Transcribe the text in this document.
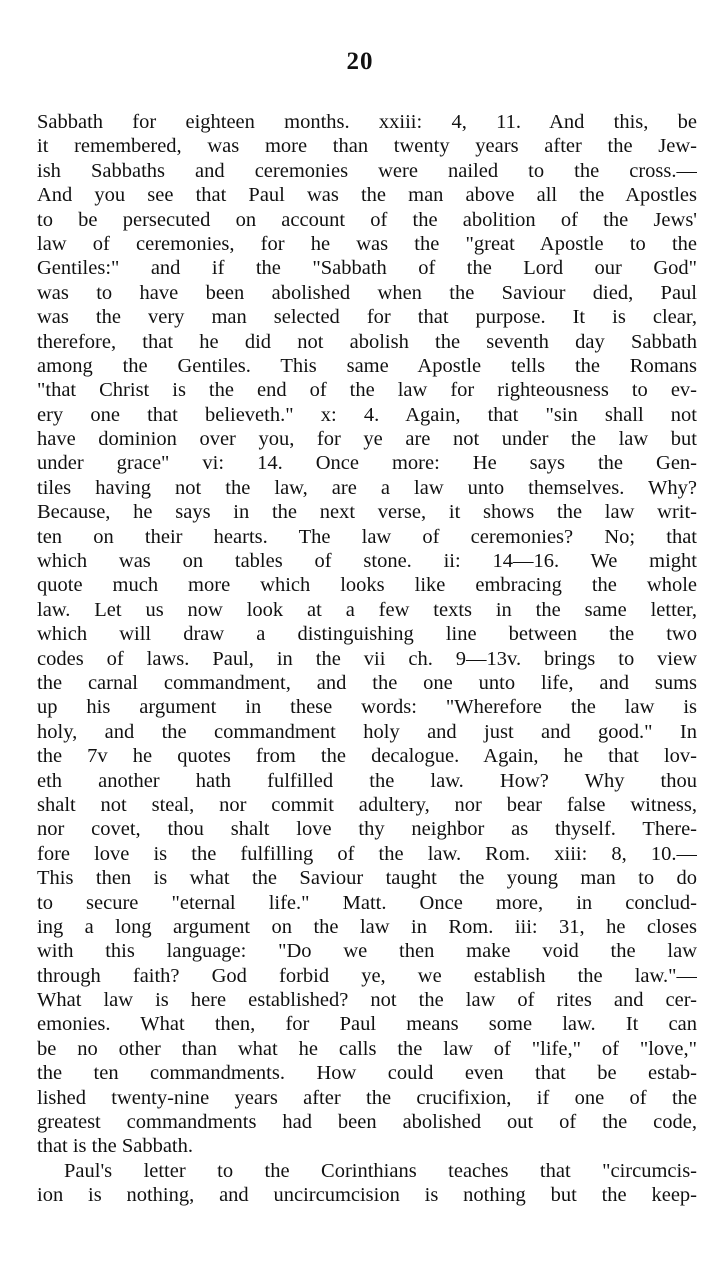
20
Sabbath for eighteen months. xxiii: 4, 11. And this, be
it remembered, was more than twenty years after the Jew-
ish Sabbaths and ceremonies were nailed to the cross.—
And you see that Paul was the man above all the Apostles
to be persecuted on account of the abolition of the Jews'
law of ceremonies, for he was the "great Apostle to the
Gentiles:" and if the "Sabbath of the Lord our God"
was to have been abolished when the Saviour died, Paul
was the very man selected for that purpose. It is clear,
therefore, that he did not abolish the seventh day Sabbath
among the Gentiles. This same Apostle tells the Romans
"that Christ is the end of the law for righteousness to ev-
ery one that believeth." x: 4. Again, that "sin shall not
have dominion over you, for ye are not under the law but
under grace" vi: 14. Once more: He says the Gen-
tiles having not the law, are a law unto themselves. Why?
Because, he says in the next verse, it shows the law writ-
ten on their hearts. The law of ceremonies? No; that
which was on tables of stone. ii: 14—16. We might
quote much more which looks like embracing the whole
law. Let us now look at a few texts in the same letter,
which will draw a distinguishing line between the two
codes of laws. Paul, in the vii ch. 9—13v. brings to view
the carnal commandment, and the one unto life, and sums
up his argument in these words: "Wherefore the law is
holy, and the commandment holy and just and good." In
the 7v he quotes from the decalogue. Again, he that lov-
eth another hath fulfilled the law. How? Why thou
shalt not steal, nor commit adultery, nor bear false witness,
nor covet, thou shalt love thy neighbor as thyself. There-
fore love is the fulfilling of the law. Rom. xiii: 8, 10.—
This then is what the Saviour taught the young man to do
to secure "eternal life." Matt. Once more, in conclud-
ing a long argument on the law in Rom. iii: 31, he closes
with this language: "Do we then make void the law
through faith? God forbid ye, we establish the law."—
What law is here established? not the law of rites and cer-
emonies. What then, for Paul means some law. It can
be no other than what he calls the law of "life," of "love,"
the ten commandments. How could even that be estab-
lished twenty-nine years after the crucifixion, if one of the
greatest commandments had been abolished out of the code,
that is the Sabbath.
Paul's letter to the Corinthians teaches that "circumcis-
ion is nothing, and uncircumcision is nothing but the keep-
